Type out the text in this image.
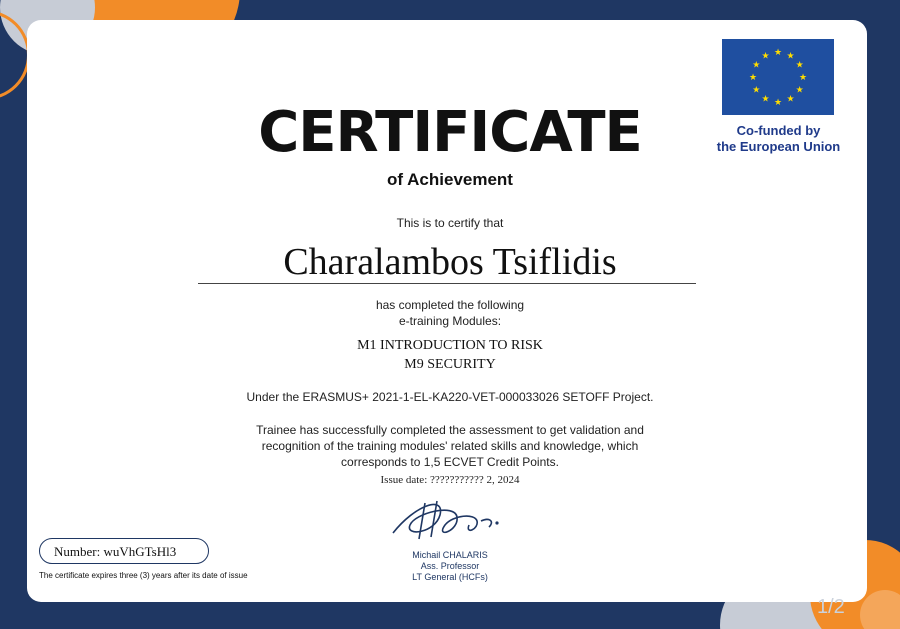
★ ★
★
★
★
★
★
★
★
★
★
★
Co-funded by
the European Union
CERTIFICATE
of Achievement
This is to certify that
Charalambos Tsiflidis
has completed the following
e-training Modules:
M1 INTRODUCTION TO RISK
M9 SECURITY
Under the ERASMUS+ 2021-1-EL-KA220-VET-000033026 SETOFF Project.
Trainee has successfully completed the assessment to get validation and
recognition of the training modules' related skills and knowledge, which
corresponds to 1,5 ECVET Credit Points.
Issue date: ??????????? 2, 2024
Michail CHALARIS
Ass. Professor
LT General (HCFs)
Number: wuVhGTsHl3
The certificate expires three (3) years after its date of issue
1/2
